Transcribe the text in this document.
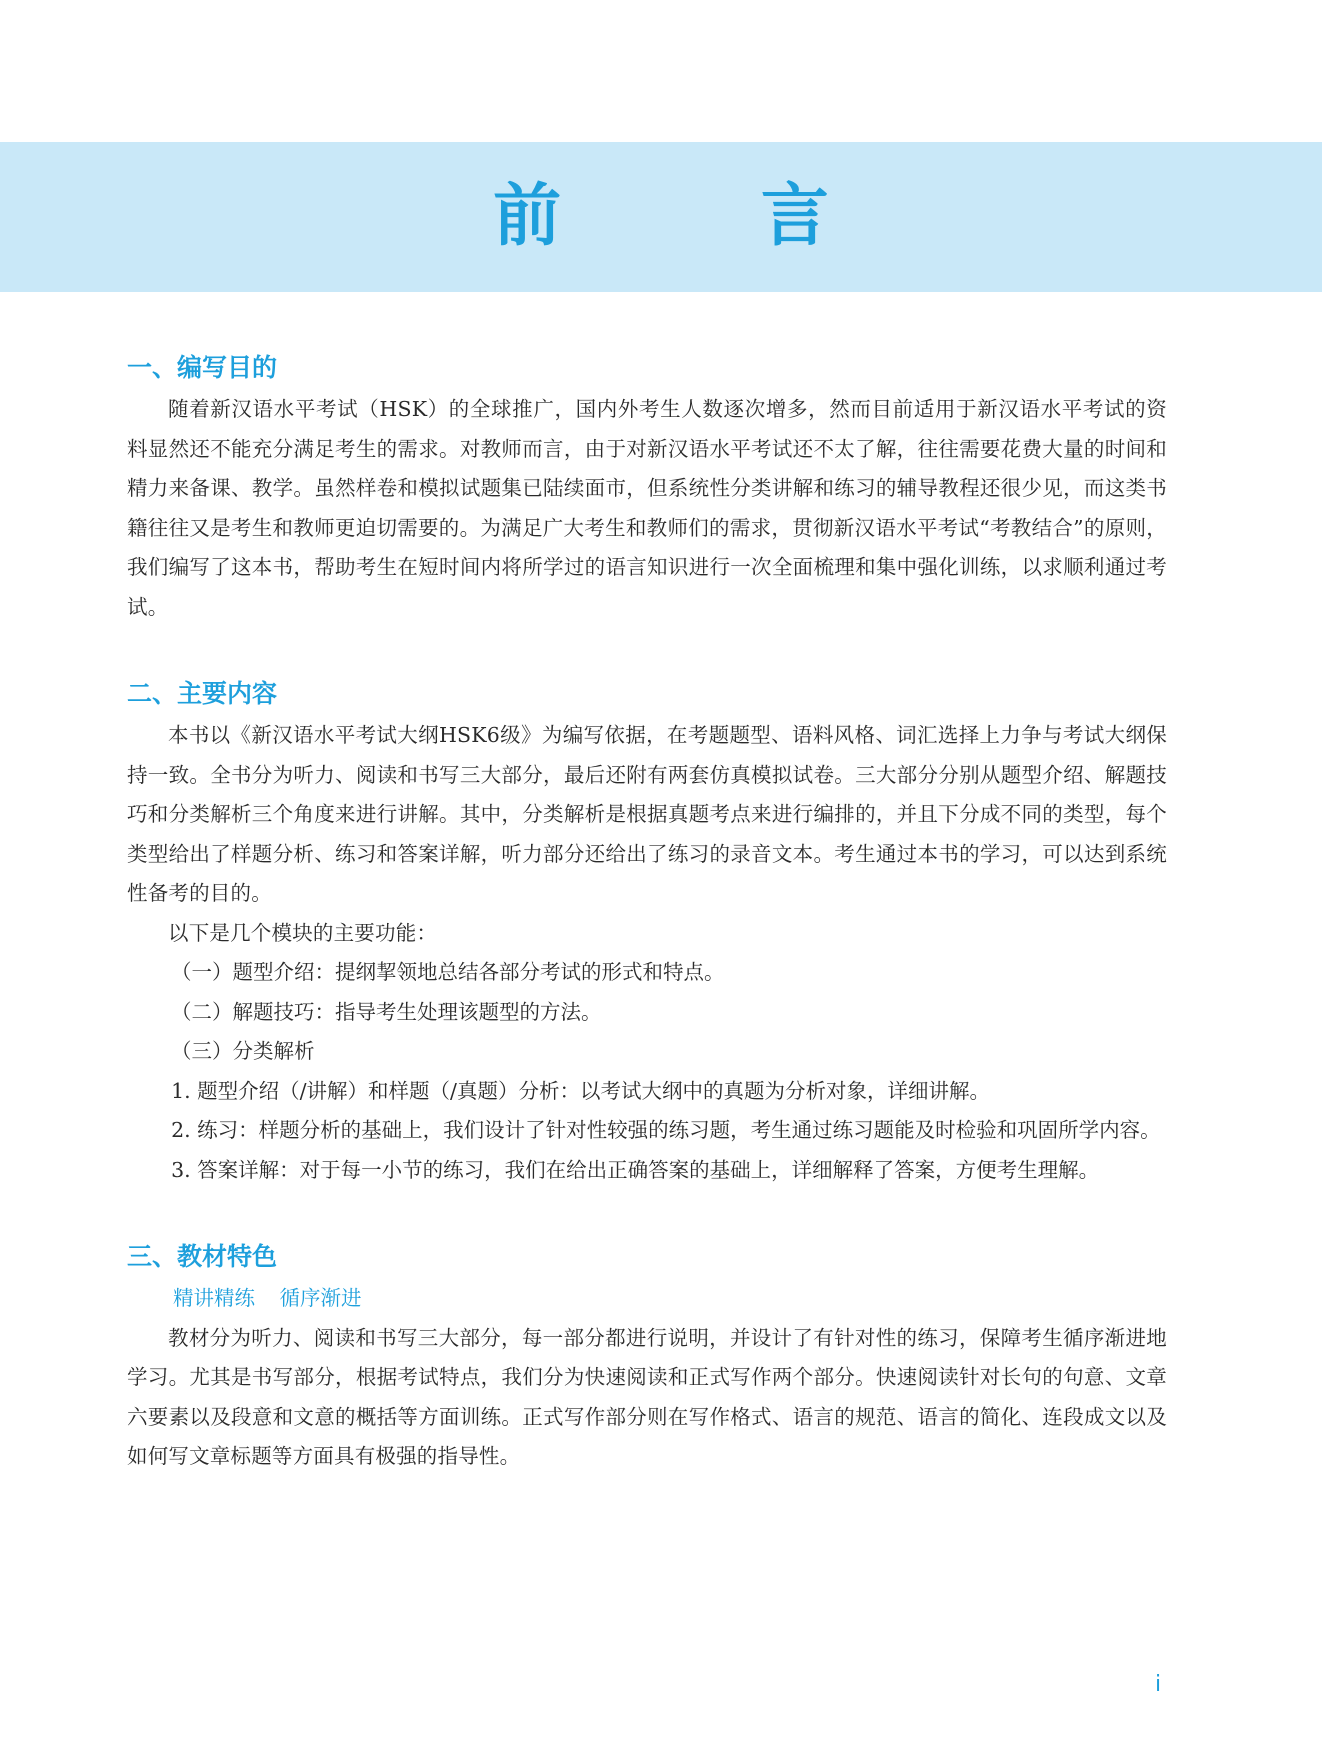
前 言
一、编写目的

随着新汉语水平考试（HSK）的全球推广，国内外考生人数逐次增多，然而目前适用于新汉语水平考试的资料显然还不能充分满足考生的需求。对教师而言，由于对新汉语水平考试还不太了解，往往需要花费大量的时间和精力来备课、教学。虽然样卷和模拟试题集已陆续面市，但系统性分类讲解和练习的辅导教程还很少见，而这类书籍往往又是考生和教师更迫切需要的。为满足广大考生和教师们的需求，贯彻新汉语水平考试“考教结合”的原则，我们编写了这本书，帮助考生在短时间内将所学过的语言知识进行一次全面梳理和集中强化训练，以求顺利通过考试。

二、主要内容

本书以《新汉语水平考试大纲HSK6级》为编写依据，在考题题型、语料风格、词汇选择上力争与考试大纲保持一致。全书分为听力、阅读和书写三大部分，最后还附有两套仿真模拟试卷。三大部分分别从题型介绍、解题技巧和分类解析三个角度来进行讲解。其中，分类解析是根据真题考点来进行编排的，并且下分成不同的类型，每个类型给出了样题分析、练习和答案详解，听力部分还给出了练习的录音文本。考生通过本书的学习，可以达到系统性备考的目的。

以下是几个模块的主要功能：

（一）题型介绍：提纲挈领地总结各部分考试的形式和特点。

（二）解题技巧：指导考生处理该题型的方法。

（三）分类解析

1. 题型介绍（/讲解）和样题（/真题）分析：以考试大纲中的真题为分析对象，详细讲解。

2. 练习：样题分析的基础上，我们设计了针对性较强的练习题，考生通过练习题能及时检验和巩固所学内容。

3. 答案详解：对于每一小节的练习，我们在给出正确答案的基础上，详细解释了答案，方便考生理解。

三、教材特色

精讲精练 循序渐进

教材分为听力、阅读和书写三大部分，每一部分都进行说明，并设计了有针对性的练习，保障考生循序渐进地学习。尤其是书写部分，根据考试特点，我们分为快速阅读和正式写作两个部分。快速阅读针对长句的句意、文章六要素以及段意和文意的概括等方面训练。正式写作部分则在写作格式、语言的规范、语言的简化、连段成文以及如何写文章标题等方面具有极强的指导性。

i
